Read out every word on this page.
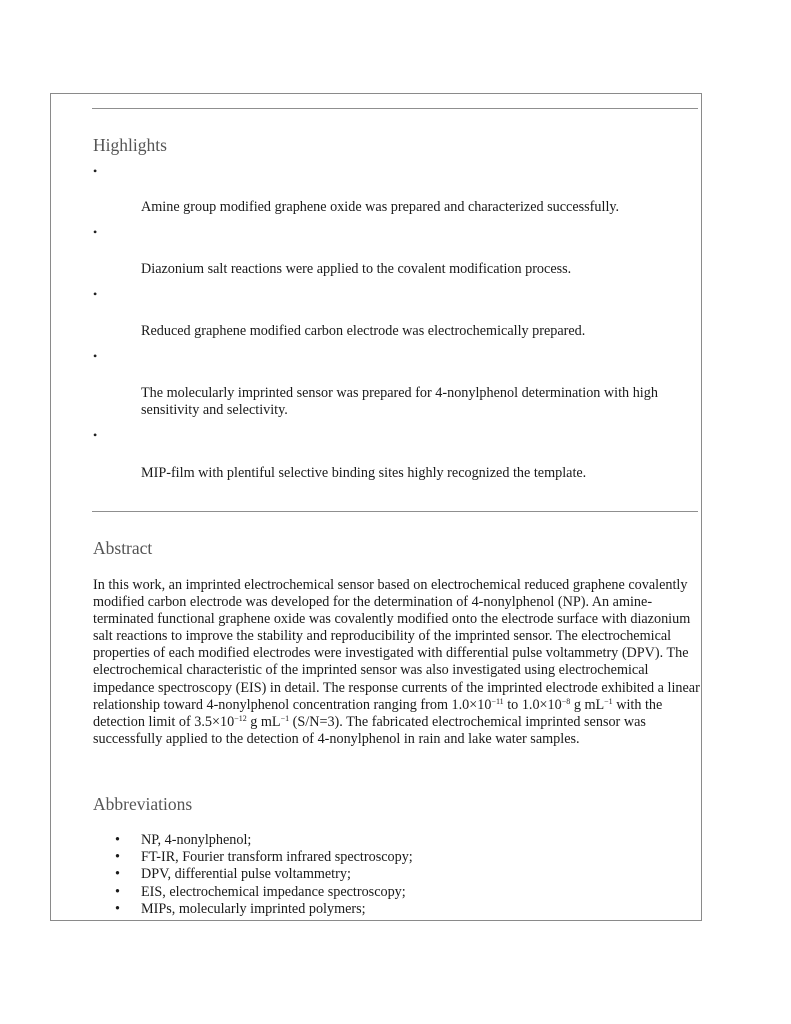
Highlights
•
Amine group modified graphene oxide was prepared and characterized successfully.
•
Diazonium salt reactions were applied to the covalent modification process.
•
Reduced graphene modified carbon electrode was electrochemically prepared.
•
The molecularly imprinted sensor was prepared for 4-nonylphenol determination with high sensitivity and selectivity.
•
MIP-film with plentiful selective binding sites highly recognized the template.
Abstract

In this work, an imprinted electrochemical sensor based on electrochemical reduced graphene covalently modified carbon electrode was developed for the determination of 4-nonylphenol (NP). An amine-terminated functional graphene oxide was covalently modified onto the electrode surface with diazonium salt reactions to improve the stability and reproducibility of the imprinted sensor. The electrochemical properties of each modified electrodes were investigated with differential pulse voltammetry (DPV). The electrochemical characteristic of the imprinted sensor was also investigated using electrochemical impedance spectroscopy (EIS) in detail. The response currents of the imprinted electrode exhibited a linear relationship toward 4-nonylphenol concentration ranging from $1.0\times 10^{-11}$ to $1.0\times 10^{-8}$ g $mL^{-1}$ with the detection limit of $3.5\times 10^{-12}$ g $mL^{-1}$ (S/N=3). The fabricated electrochemical imprinted sensor was successfully applied to the detection of 4-nonylphenol in rain and lake water samples.

Abbreviations
• NP, 4-nonylphenol;
• FT-IR, Fourier transform infrared spectroscopy;
• DPV, differential pulse voltammetry;
• EIS, electrochemical impedance spectroscopy;
• MIPs, molecularly imprinted polymers;
